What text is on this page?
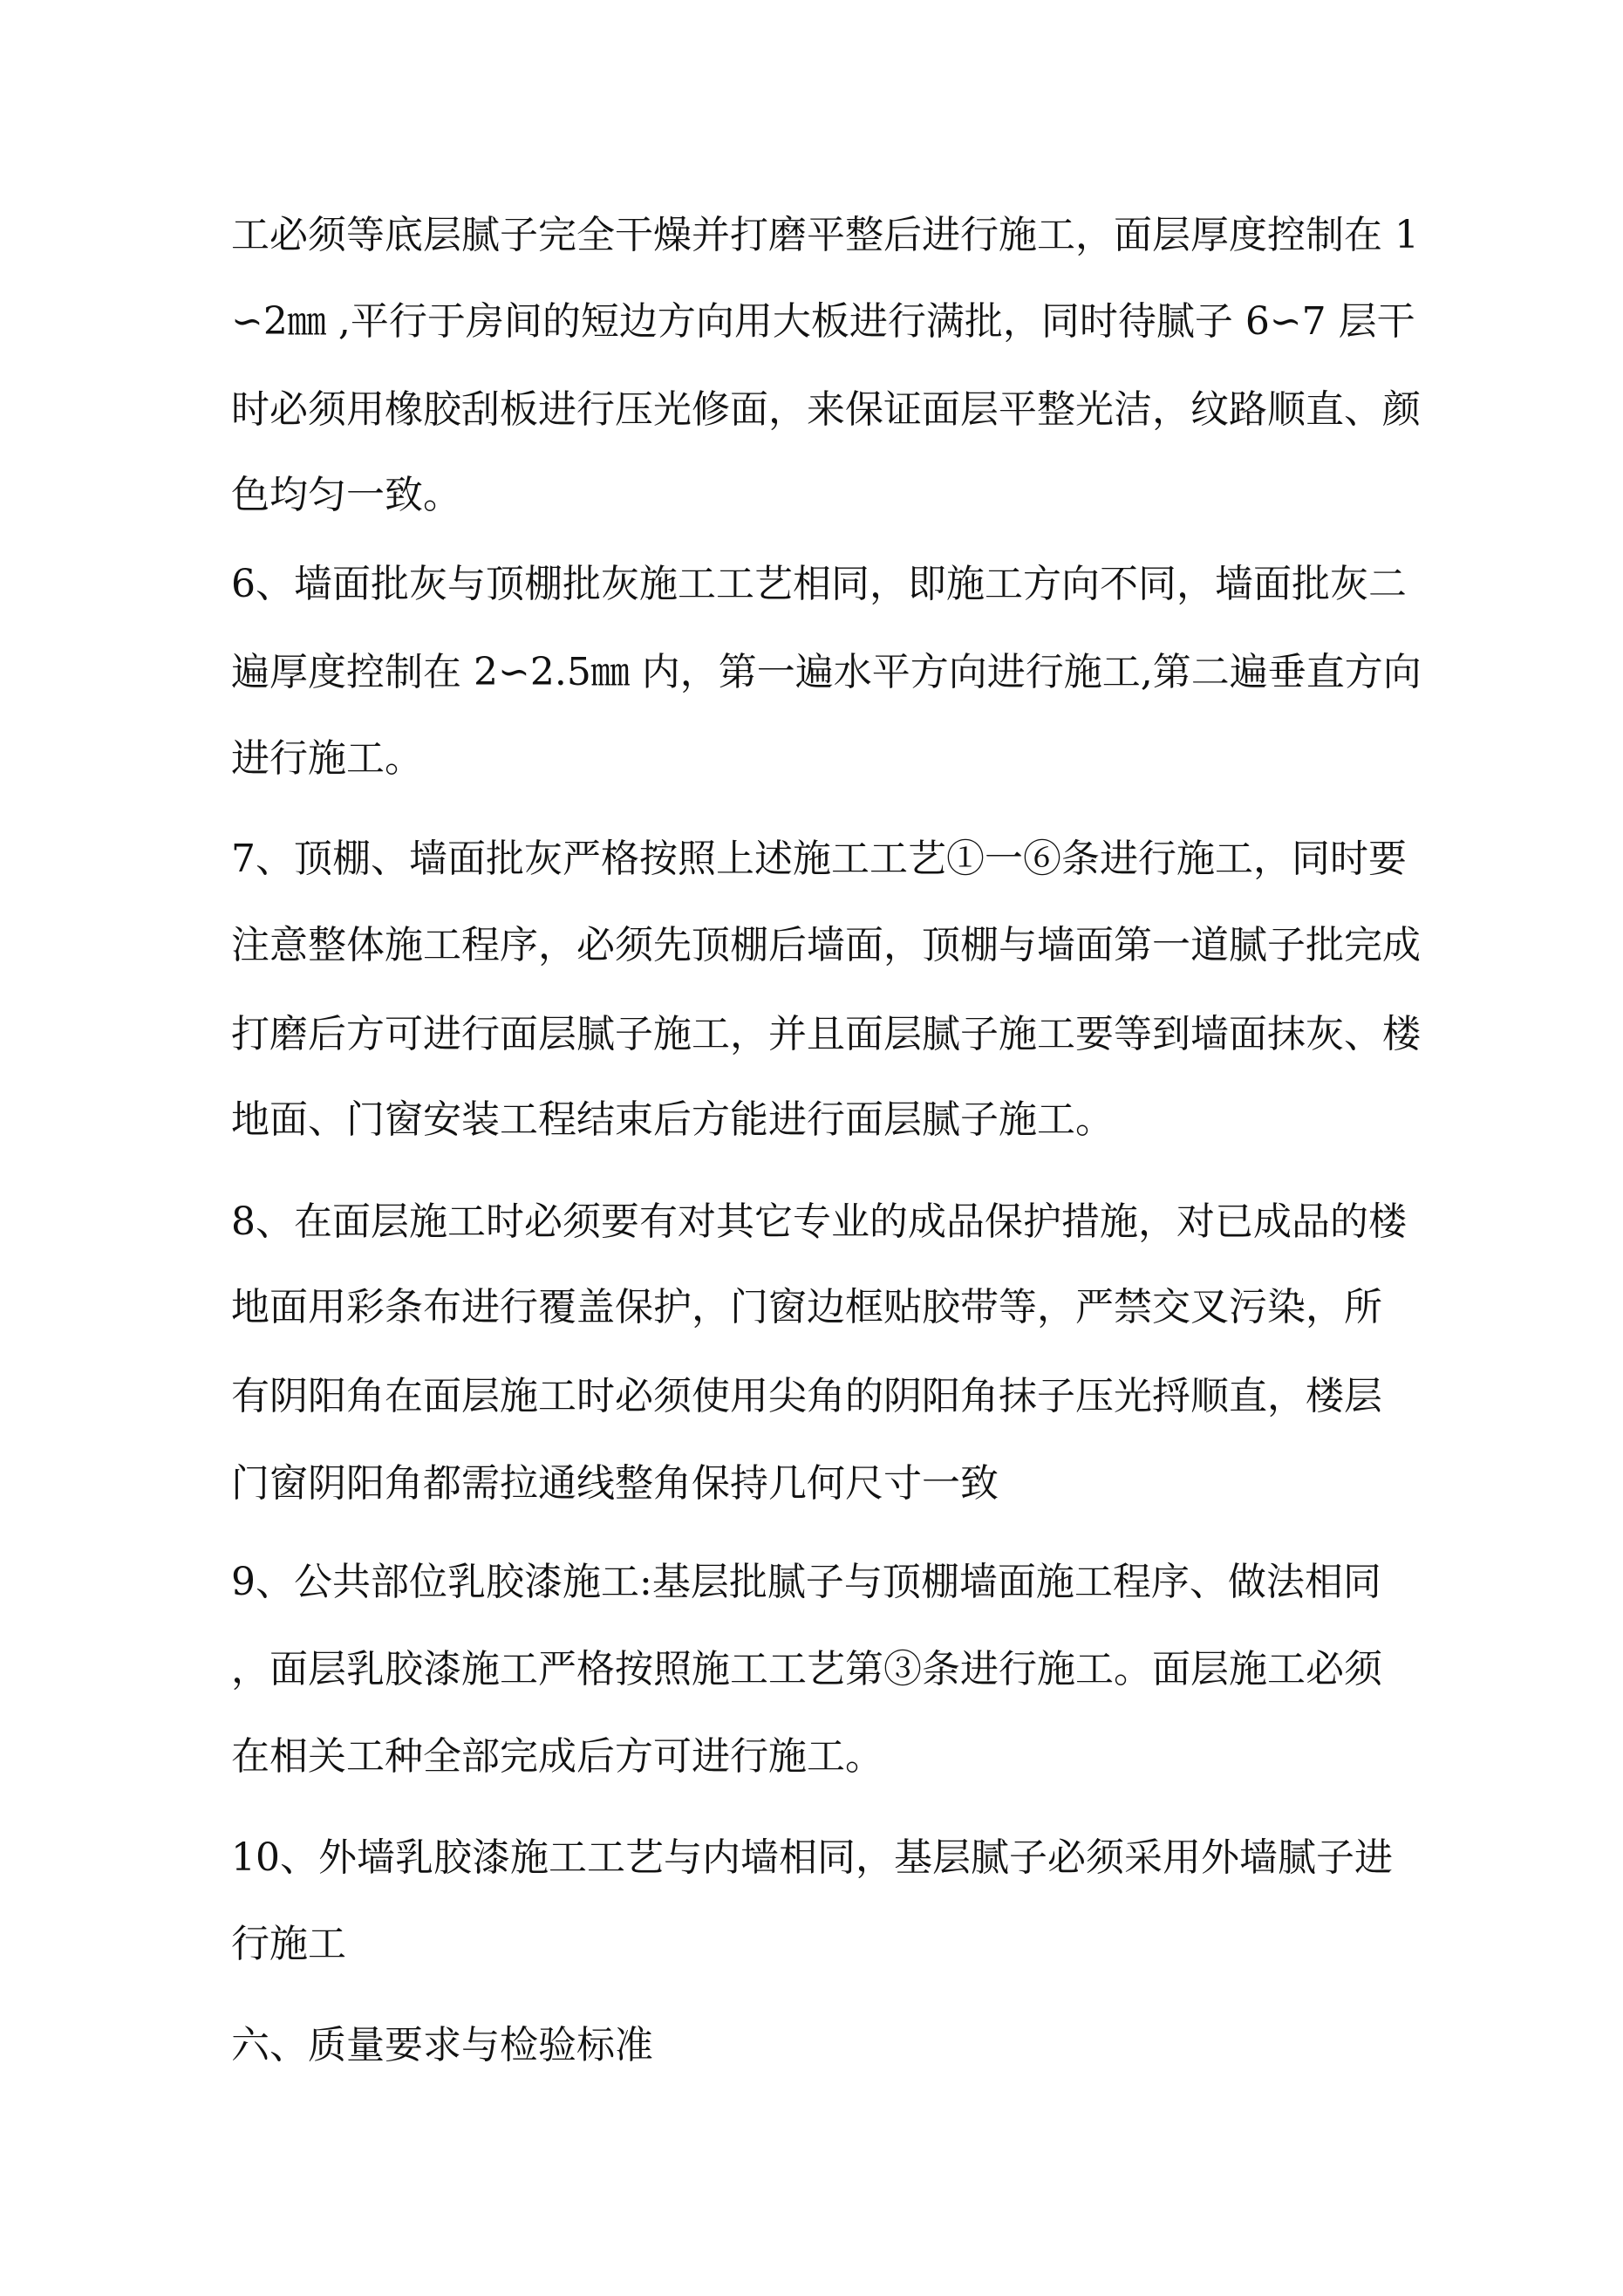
工必须等底层腻子完全干燥并打磨平整后进行施工，面层厚度控制在 1
∽2㎜ ,平行于房间的短边方向用大板进行满批，同时待腻子 6∽7 层干
时必须用橡胶刮板进行压光修面，来保证面层平整光洁，纹路顺直、颜
色均匀一致。
6、墙面批灰与顶棚批灰施工工艺相同，即施工方向不同，墙面批灰二
遍厚度控制在 2∽2.5㎜ 内，第一遍水平方向进行施工,第二遍垂直方向
进行施工。
7、顶棚、墙面批灰严格按照上述施工工艺①一⑥条进行施工，同时要
注意整体施工程序，必须先顶棚后墙面，顶棚与墙面第一道腻子批完成
打磨后方可进行面层腻子施工，并且面层腻子施工要等到墙面抹灰、楼
地面、门窗安装工程结束后方能进行面层腻子施工。
8、在面层施工时必须要有对其它专业的成品保护措施，对已成品的楼
地面用彩条布进行覆盖保护，门窗边框贴胶带等，严禁交叉污染，所
有阴阳角在面层施工时必须使用尖角的阴阳角抹子压光捋顺直，楼层
门窗阴阳角都需拉通线整角保持几何尺寸一致
9、公共部位乳胶漆施工:基层批腻子与顶棚墙面施工程序、做法相同
，面层乳胶漆施工严格按照施工工艺第③条进行施工。面层施工必须
在相关工种全部完成后方可进行施工。
10、外墙乳胶漆施工工艺与内墙相同，基层腻子必须采用外墙腻子进
行施工
六、质量要求与检验标准
